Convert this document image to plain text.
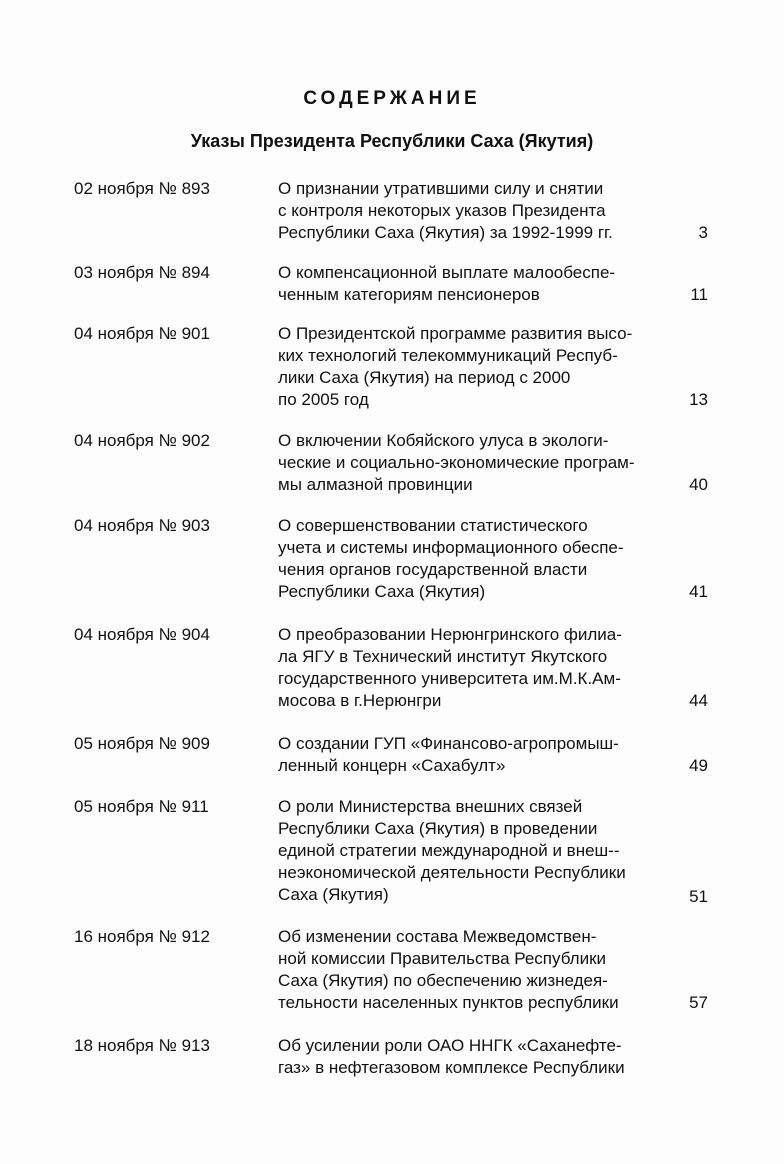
СОДЕРЖАНИЕ
Указы Президента Республики Саха (Якутия)
02 ноября № 893	О признании утратившими силу и снятии
с контроля некоторых указов Президента
Республики Саха (Якутия) за 1992-1999 гг.	3
03 ноября № 894	О компенсационной выплате малообеспе-
ченным категориям пенсионеров	11
04 ноября № 901	О Президентской программе развития высо-
ких технологий телекоммуникаций Респуб-
лики Саха (Якутия) на период с 2000
по 2005 год	13
04 ноября № 902	О включении Кобяйского улуса в экологи-
ческие и социально-экономические програм-
мы алмазной провинции	40
04 ноября № 903	О совершенствовании статистического
учета и системы информационного обеспе-
чения органов государственной власти
Республики Саха (Якутия)	41
04 ноября № 904	О преобразовании Нерюнгринского филиа-
ла ЯГУ в Технический институт Якутского
государственного университета им.М.К.Ам-
мосова в г.Нерюнгри	44
05 ноября № 909	О создании ГУП «Финансово-агропромыш-
ленный концерн «Сахабулт»	49
05 ноября № 911	О роли Министерства внешних связей
Республики Саха (Якутия) в проведении
единой стратегии международной и внеш--
неэкономической деятельности Республики
Саха (Якутия)	51
16 ноября № 912	Об изменении состава Межведомствен-
ной комиссии Правительства Республики
Саха (Якутия) по обеспечению жизнедея-
тельности населенных пунктов республики	57
18 ноября № 913	Об усилении роли ОАО ННГК «Саханефте-
газ» в нефтегазовом комплексе Республики
